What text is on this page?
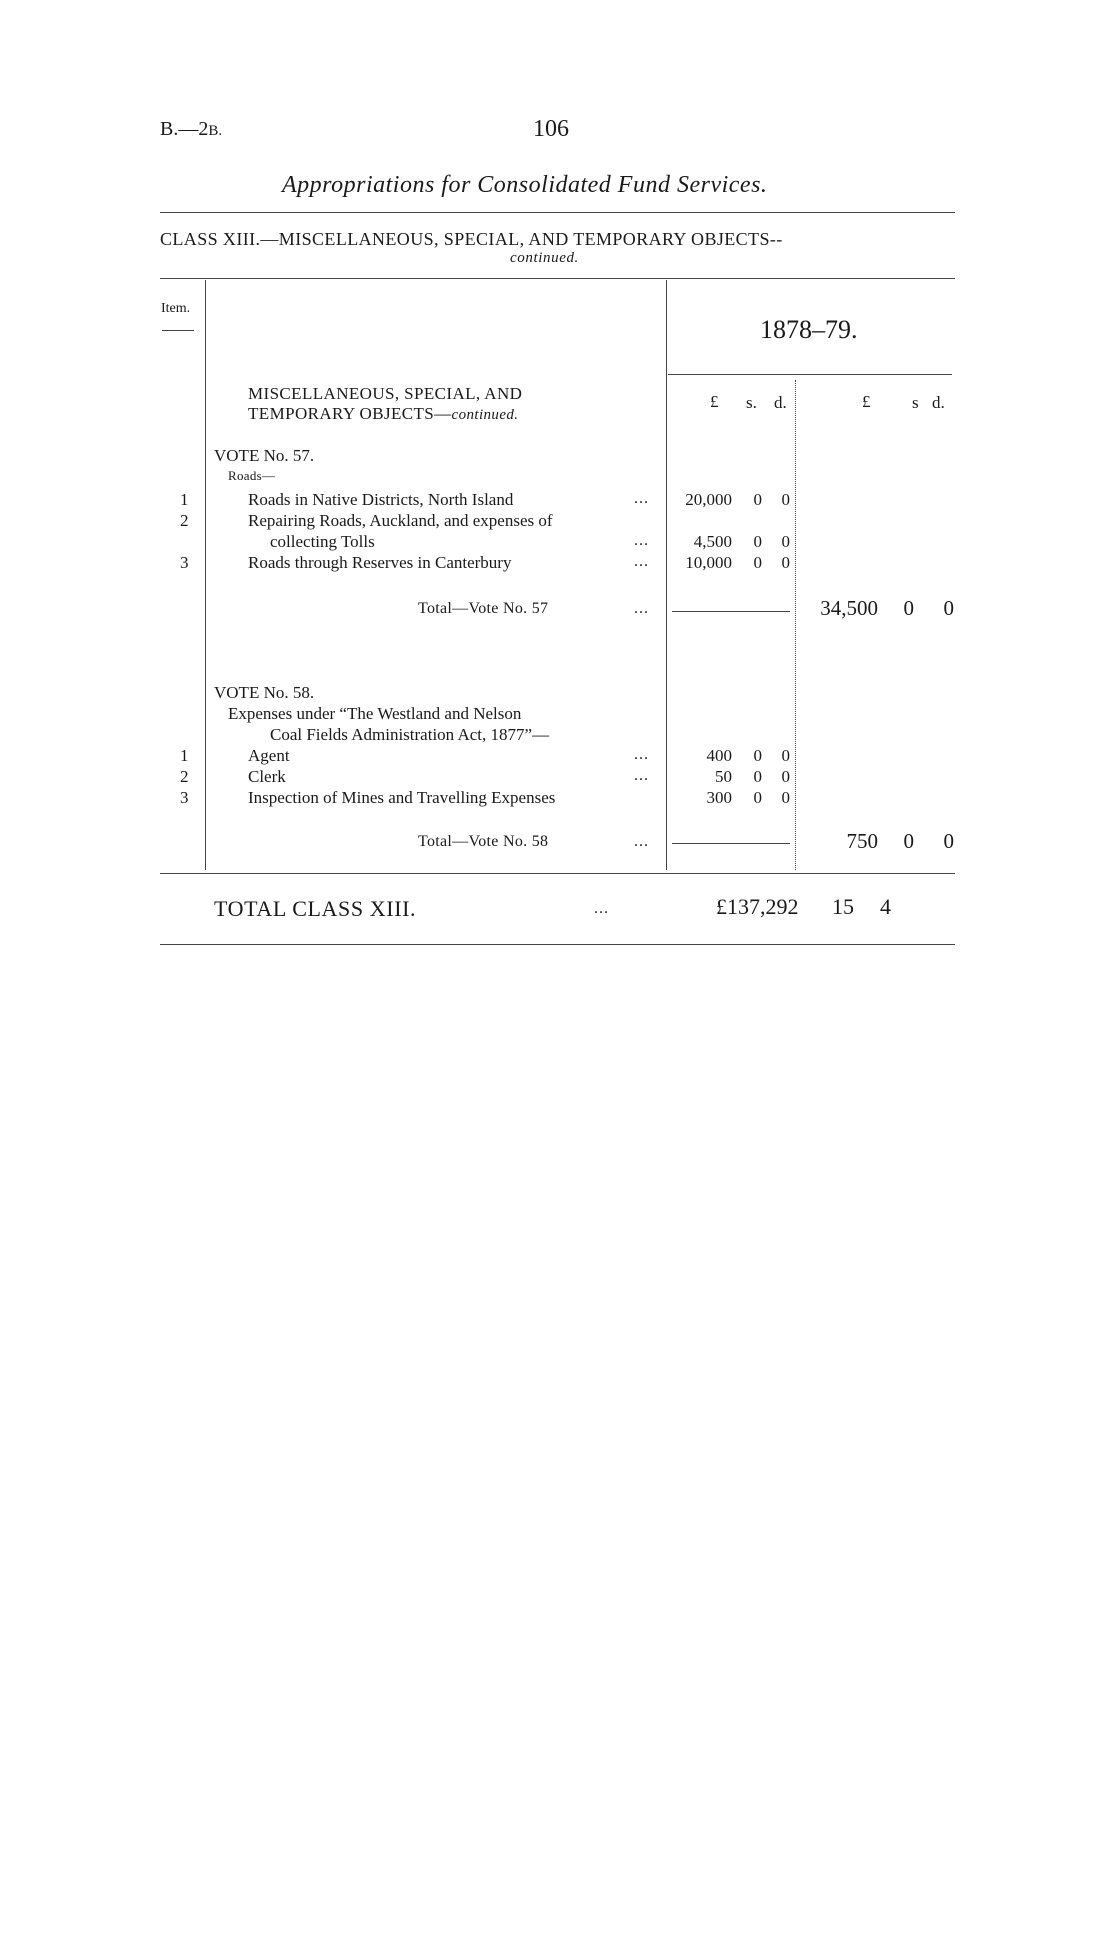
B.—2B.	106
Appropriations for Consolidated Fund Services.
CLASS XIII.—MISCELLANEOUS, SPECIAL, AND TEMPORARY OBJECTS--
continued.
Item.
1878–79.
£ s. d.	£ s d.
MISCELLANEOUS, SPECIAL, AND
TEMPORARY OBJECTS—continued.
VOTE No. 57.
Roads—
1	Roads in Native Districts, North Island	...	20,000	0	0
2	Repairing Roads, Auckland, and expenses of
collecting Tolls	...	4,500	0	0
3	Roads through Reserves in Canterbury	...	10,000	0	0
Total—Vote No. 57	...	34,500 0 0
VOTE No. 58.
Expenses under “The Westland and Nelson
Coal Fields Administration Act, 1877”—
1	Agent	...	400	0	0
2	Clerk	...	50	0	0
3	Inspection of Mines and Travelling Expenses	300	0	0
Total—Vote No. 58	...	750 0 0
TOTAL CLASS XIII.	...	£137,292 15 4
